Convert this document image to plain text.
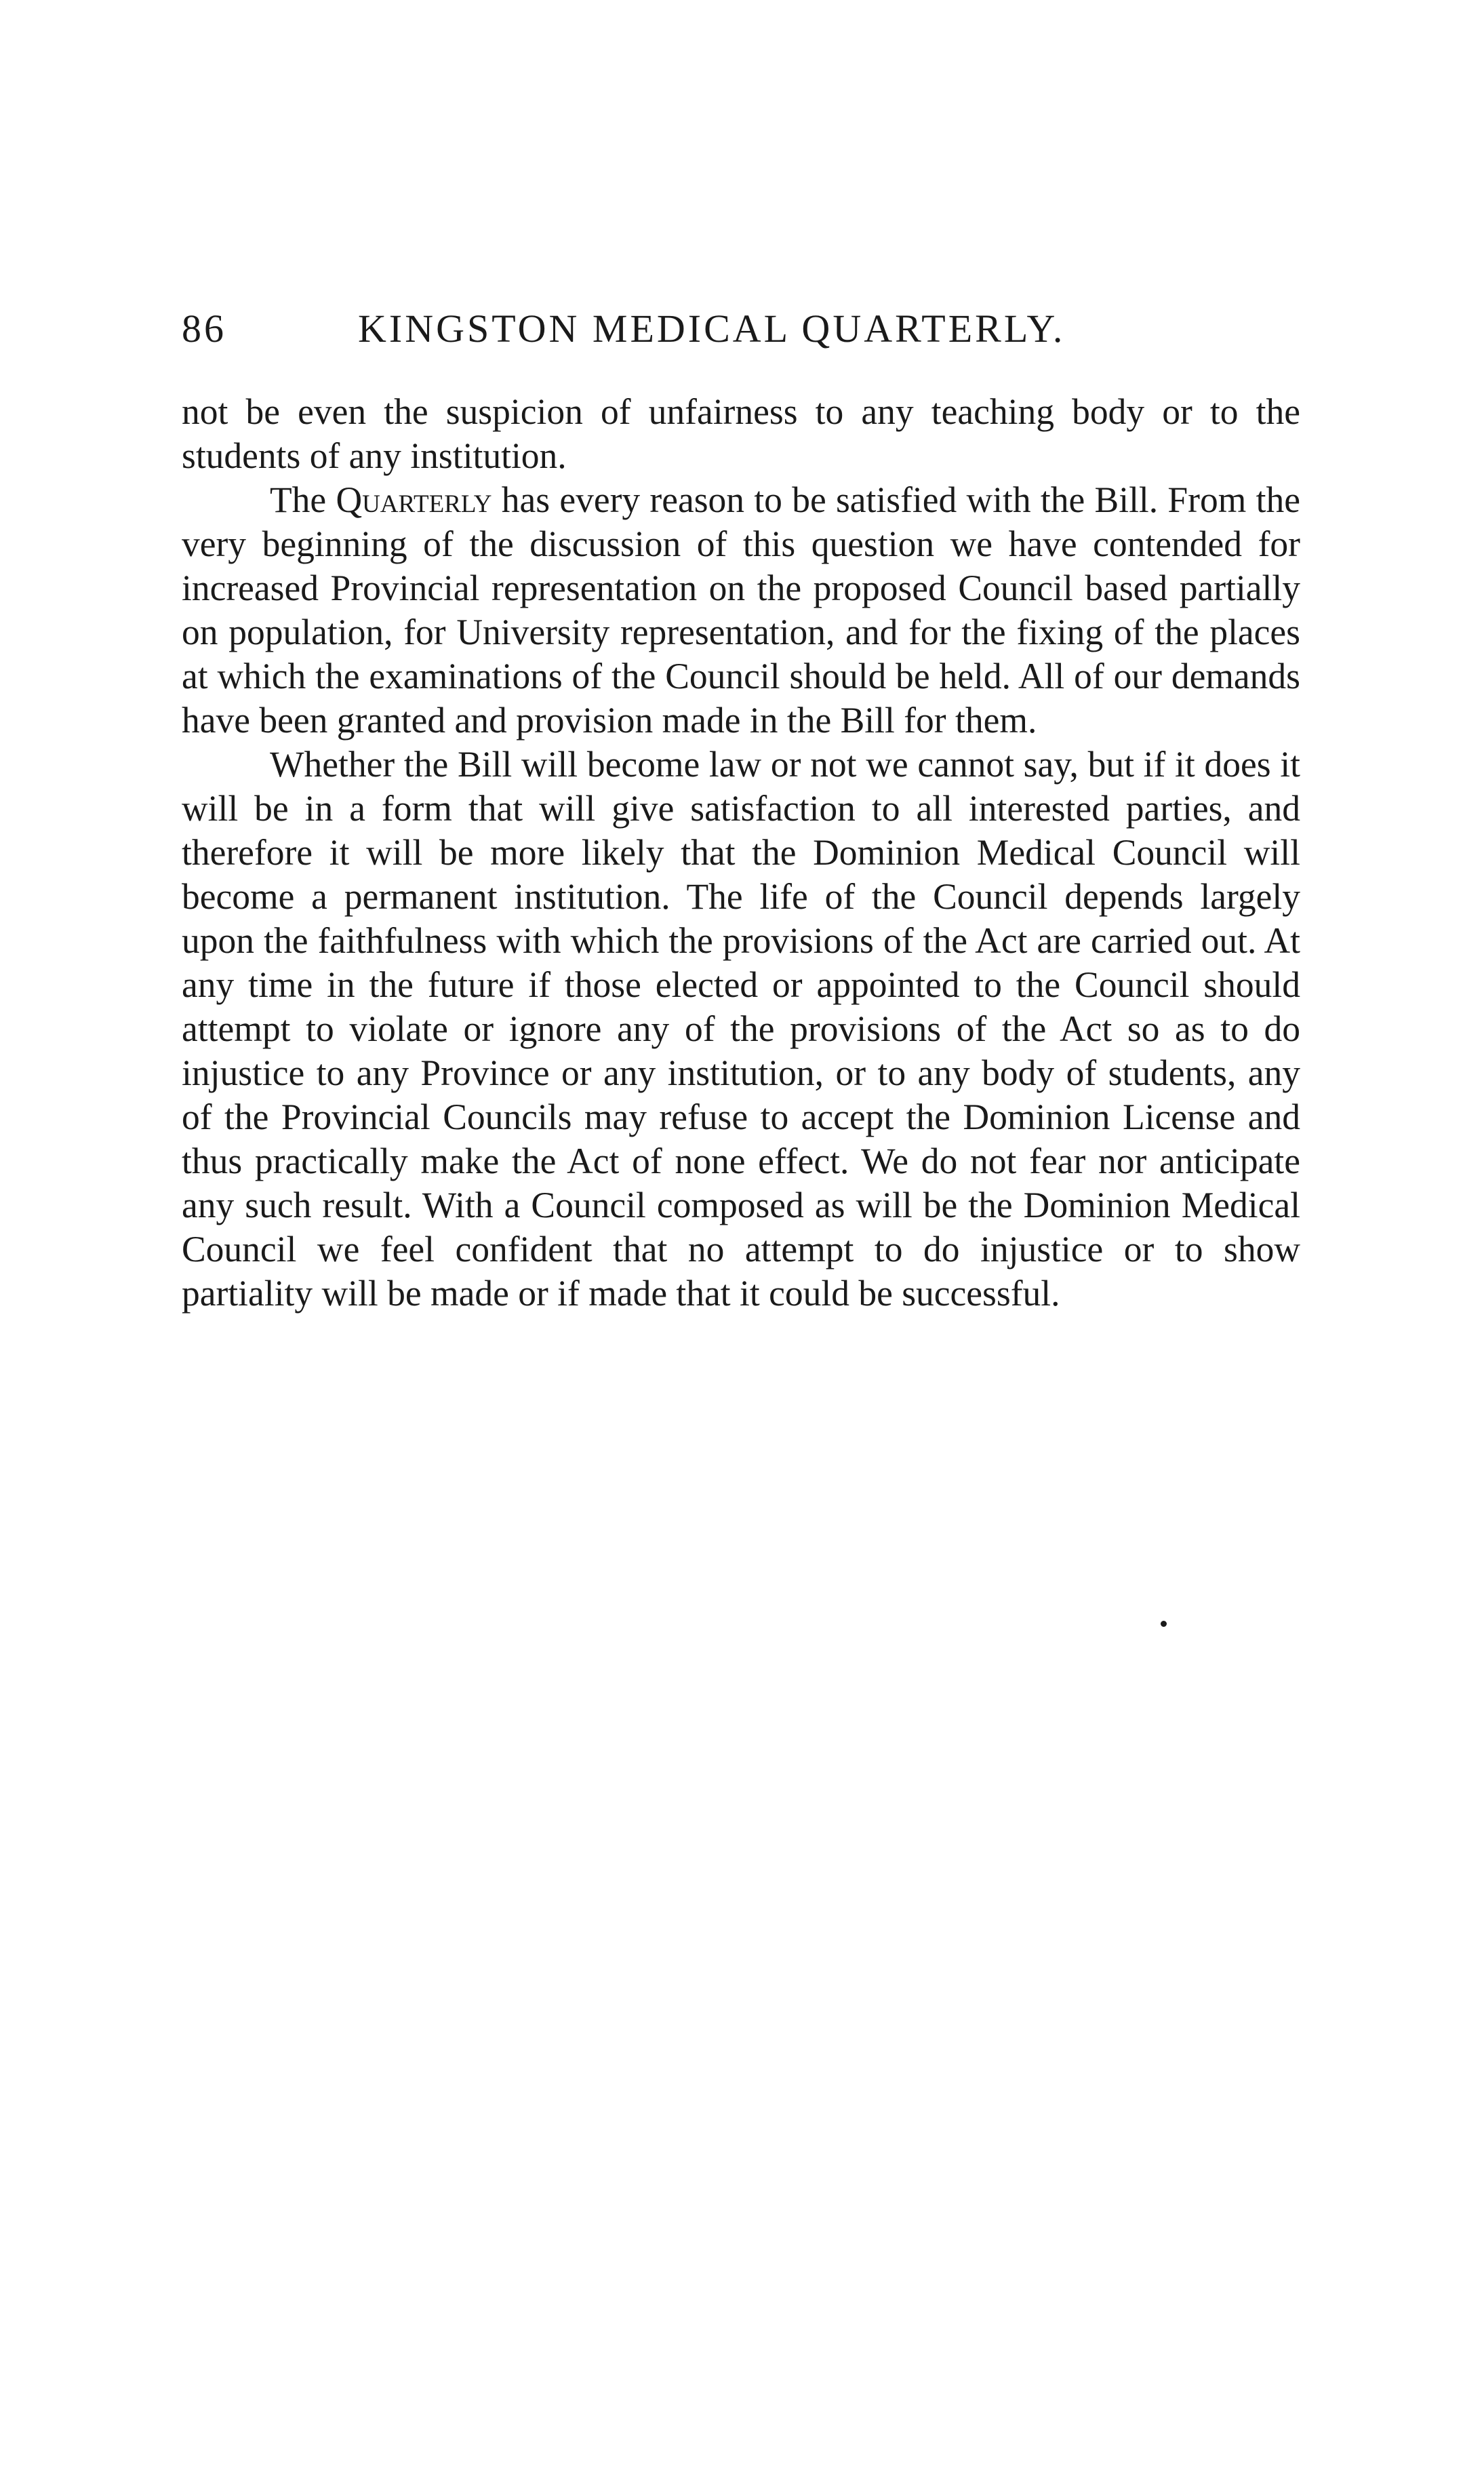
86	KINGSTON MEDICAL QUARTERLY.

not be even the suspicion of unfairness to any teaching body or to the students of any institution.

The Quarterly has every reason to be satisfied with the Bill. From the very beginning of the discussion of this question we have contended for increased Provincial representation on the proposed Council based partially on population, for University representation, and for the fixing of the places at which the examinations of the Council should be held. All of our demands have been granted and provision made in the Bill for them.

Whether the Bill will become law or not we cannot say, but if it does it will be in a form that will give satisfaction to all interested parties, and therefore it will be more likely that the Dominion Medical Council will become a permanent institution. The life of the Council depends largely upon the faithfulness with which the provisions of the Act are carried out. At any time in the future if those elected or appointed to the Council should attempt to violate or ignore any of the provisions of the Act so as to do injustice to any Province or any institution, or to any body of students, any of the Provincial Councils may refuse to accept the Dominion License and thus practically make the Act of none effect. We do not fear nor anticipate any such result. With a Council composed as will be the Dominion Medical Council we feel confident that no attempt to do injustice or to show partiality will be made or if made that it could be successful.
